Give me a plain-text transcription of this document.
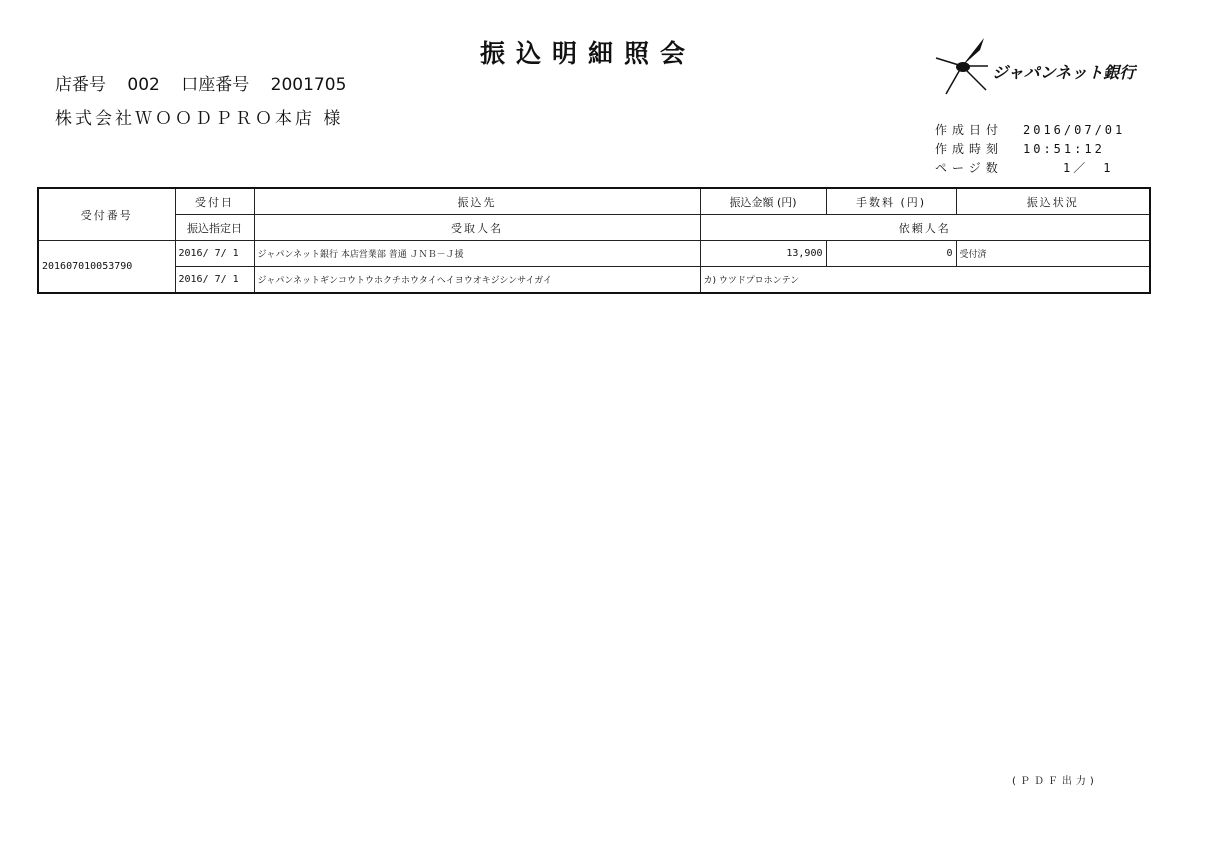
振込明細照会
店番号 002 口座番号 2001705
株式会社ＷＯＯＤＰＲＯ本店 様
ジャパンネット銀行
作成日付	2016/07/01
作成時刻	10:51:12
ページ数	1／　1
受付番号	受付日	振込先	振込金額 (円)	手数料 (円)	振込状況
	振込指定日	受取人名	依頼人名		
201607010053790	2016/ 7/ 1	ジャパンネット銀行 本店営業部 普通 ＪＮＢ－Ｊ援	13,900	0	受付済
	2016/ 7/ 1	ジャパンネットギンコウトウホクチホウタイヘイヨウオキジシンサイガイ	カ) ウツドプロホンテン		
(ＰＤＦ出力)
